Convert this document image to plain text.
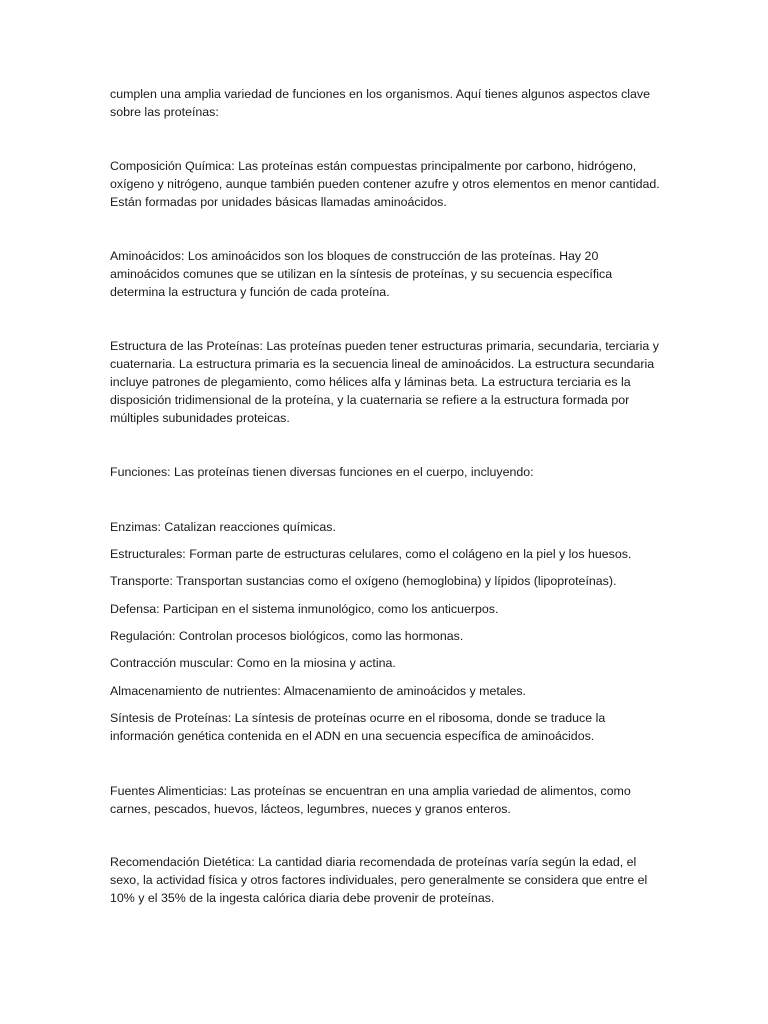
cumplen una amplia variedad de funciones en los organismos. Aquí tienes algunos aspectos clave sobre las proteínas:

Composición Química: Las proteínas están compuestas principalmente por carbono, hidrógeno, oxígeno y nitrógeno, aunque también pueden contener azufre y otros elementos en menor cantidad. Están formadas por unidades básicas llamadas aminoácidos.

Aminoácidos: Los aminoácidos son los bloques de construcción de las proteínas. Hay 20 aminoácidos comunes que se utilizan en la síntesis de proteínas, y su secuencia específica determina la estructura y función de cada proteína.

Estructura de las Proteínas: Las proteínas pueden tener estructuras primaria, secundaria, terciaria y cuaternaria. La estructura primaria es la secuencia lineal de aminoácidos. La estructura secundaria incluye patrones de plegamiento, como hélices alfa y láminas beta. La estructura terciaria es la disposición tridimensional de la proteína, y la cuaternaria se refiere a la estructura formada por múltiples subunidades proteicas.

Funciones: Las proteínas tienen diversas funciones en el cuerpo, incluyendo:

Enzimas: Catalizan reacciones químicas.

Estructurales: Forman parte de estructuras celulares, como el colágeno en la piel y los huesos.

Transporte: Transportan sustancias como el oxígeno (hemoglobina) y lípidos (lipoproteínas).

Defensa: Participan en el sistema inmunológico, como los anticuerpos.

Regulación: Controlan procesos biológicos, como las hormonas.

Contracción muscular: Como en la miosina y actina.

Almacenamiento de nutrientes: Almacenamiento de aminoácidos y metales.

Síntesis de Proteínas: La síntesis de proteínas ocurre en el ribosoma, donde se traduce la información genética contenida en el ADN en una secuencia específica de aminoácidos.

Fuentes Alimenticias: Las proteínas se encuentran en una amplia variedad de alimentos, como carnes, pescados, huevos, lácteos, legumbres, nueces y granos enteros.

Recomendación Dietética: La cantidad diaria recomendada de proteínas varía según la edad, el sexo, la actividad física y otros factores individuales, pero generalmente se considera que entre el 10% y el 35% de la ingesta calórica diaria debe provenir de proteínas.
